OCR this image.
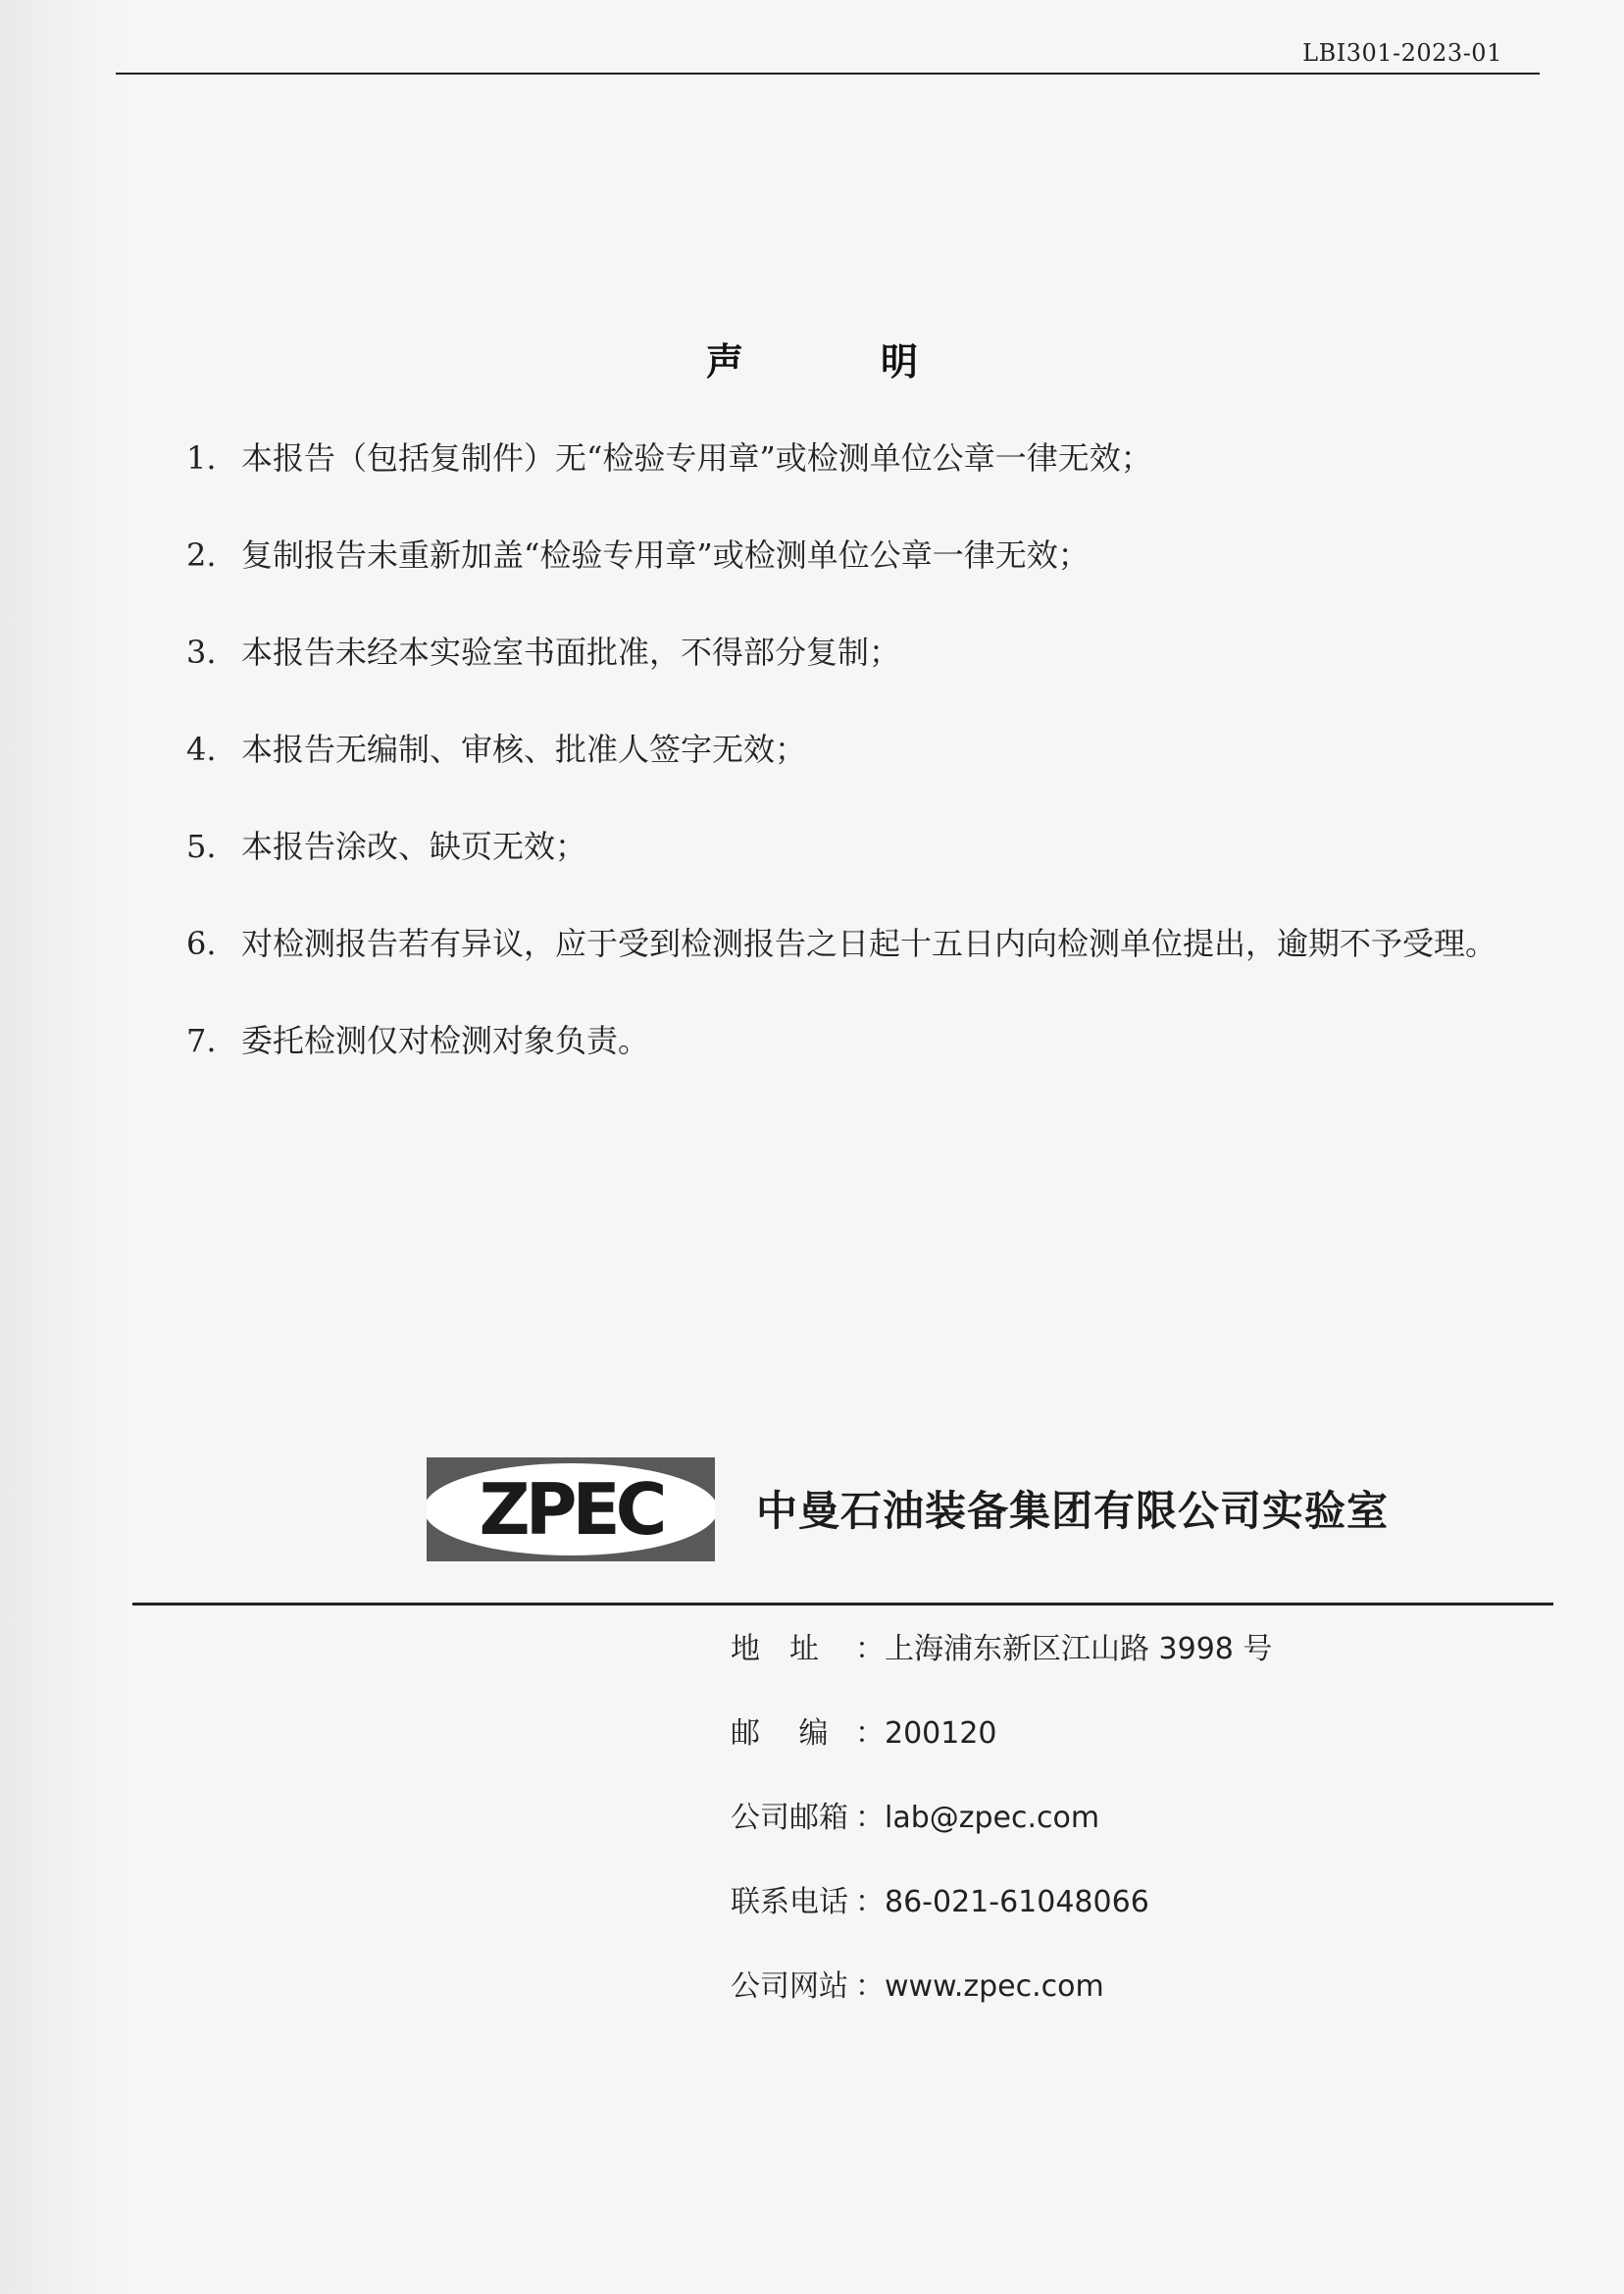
LBI301-2023-01
声	明
1. 本报告（包括复制件）无“检验专用章”或检测单位公章一律无效；
2. 复制报告未重新加盖“检验专用章”或检测单位公章一律无效；
3. 本报告未经本实验室书面批准，不得部分复制；
4. 本报告无编制、审核、批准人签字无效；
5. 本报告涂改、缺页无效；
6. 对检测报告若有异议，应于受到检测报告之日起十五日内向检测单位提出，逾期不予受理。
7. 委托检测仅对检测对象负责。
ZPEC	中曼石油装备集团有限公司实验室
地　址 ：上海浦东新区江山路 3998 号
邮　 编 ：200120
公司邮箱 ：lab@zpec.com
联系电话 ：86-021-61048066
公司网站 ：www.zpec.com
